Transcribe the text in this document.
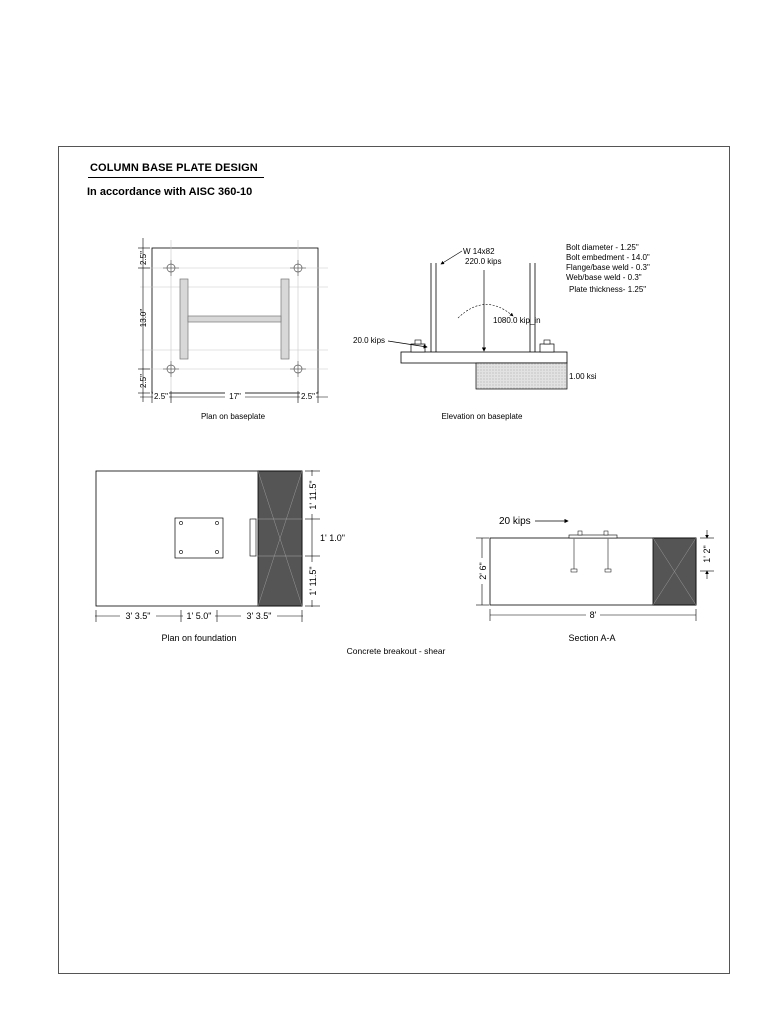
COLUMN BASE PLATE DESIGN
In accordance with AISC 360-10
2.5"
13.0"
2.5"
2.5"	17"	2.5"
Plan on baseplate
W 14x82
220.0 kips
1080.0 kip_in
20.0 kips
1.00 ksi
Bolt diameter - 1.25"
Bolt embedment - 14.0"
Flange/base weld - 0.3"
Web/base weld - 0.3"
Plate thickness- 1.25"
Elevation on baseplate
1' 11.5"
1' 1.0"
1' 11.5"
3' 3.5"	1' 5.0"	3' 3.5"
Plan on foundation
20 kips
2' 6"
1' 2"
8'
Section A-A
Concrete breakout - shear
